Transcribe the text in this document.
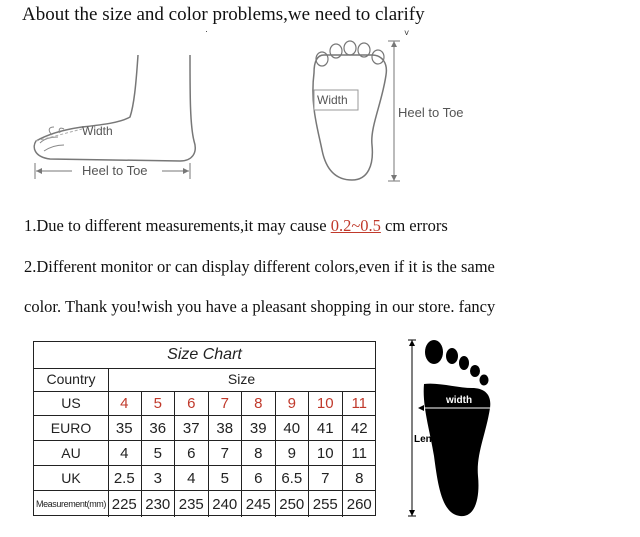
About the size and color problems,we need to clarify
Width
Heel to Toe
·	˅
Width
Heel to Toe
1.Due to different measurements,it may cause 0.2~0.5 cm errors
2.Different monitor or can display different colors,even if it is the same
color. Thank you!wish you have a pleasant shopping in our store. fancy
Size Chart
Country	Size
US	4	5	6	7	8	9	10	11
EURO	35	36	37	38	39	40	41	42
AU	4	5	6	7	8	9	10	11
UK	2.5	3	4	5	6	6.5	7	8
Measurement(mm) 225 230 235 240 245 250 255 260
width
Length
